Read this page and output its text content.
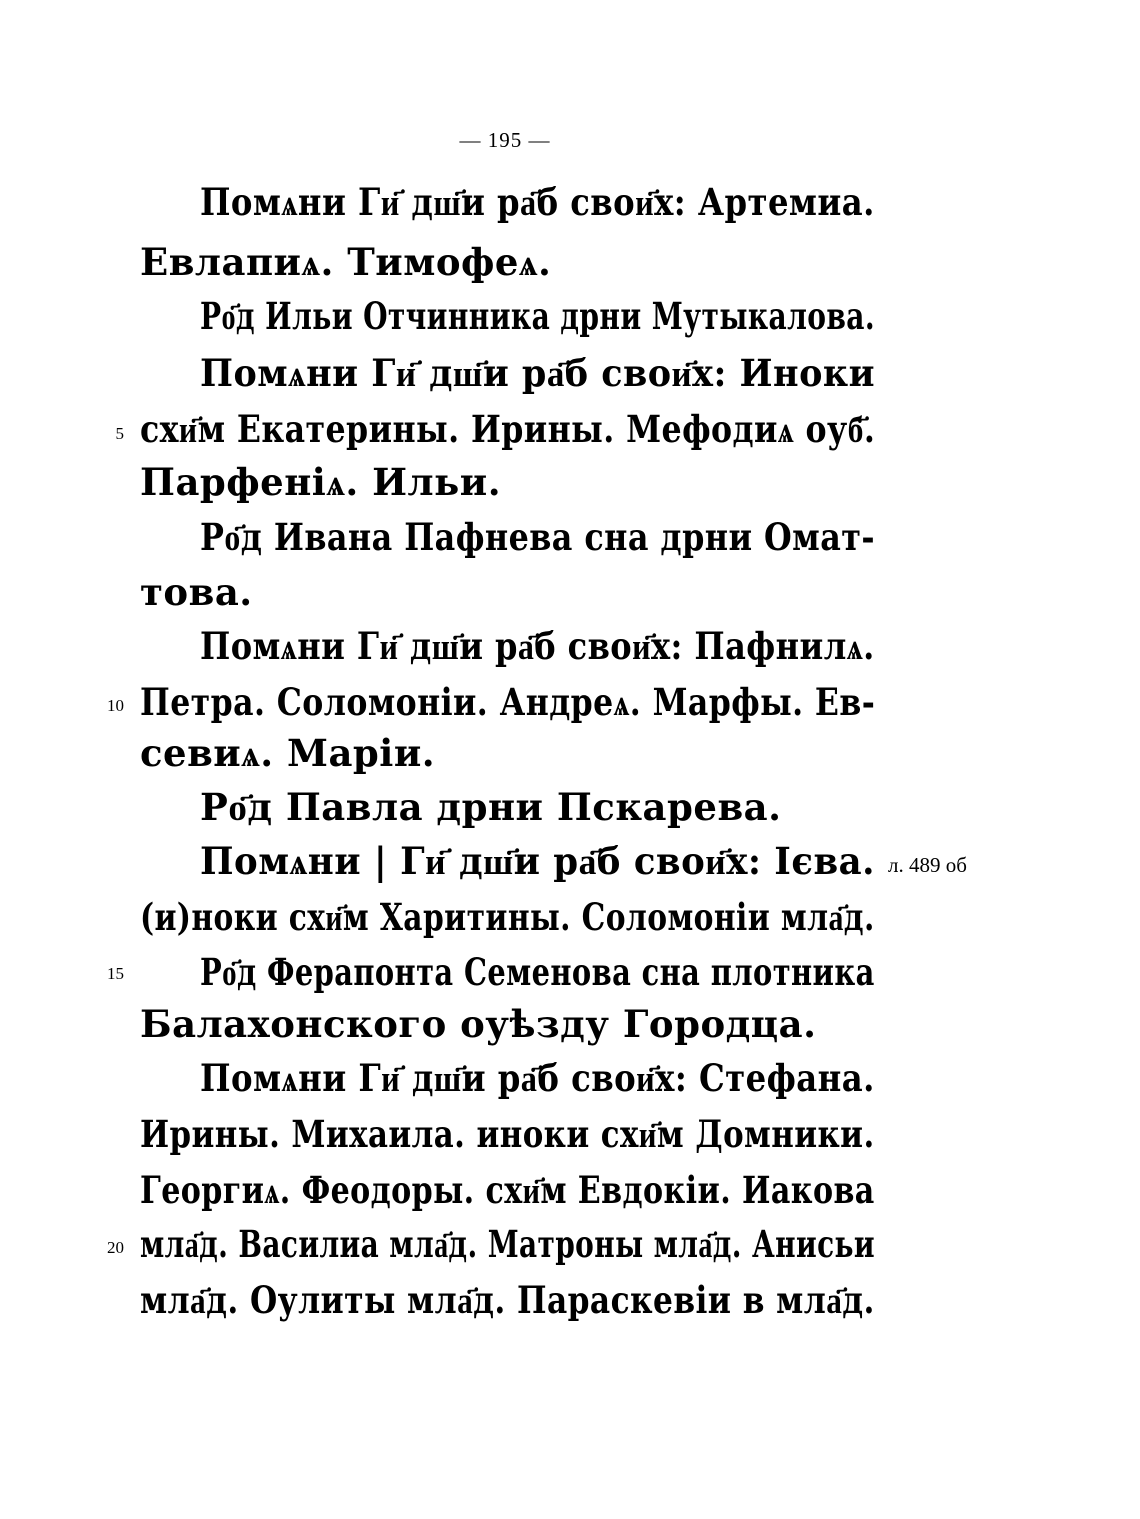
— 195 —
Помѧни Ги҃ дш҃и ра҃б свои҃х: Артемиа.
Евлапиѧ. Тимофеѧ.
Ро҃д Ильи Отчинника дрни Мутыкалова.
Помѧни Ги҃ дш҃и ра҃б свои҃х: Иноки
схи҃м Екатерины. Ирины. Мефодиѧ оуб҃.
Парфеніѧ. Ильи.
Ро҃д Ивана Пафнева сна дрни Омат-
това.
Помѧни Ги҃ дш҃и ра҃б свои҃х: Пафнилѧ.
Петра. Соломоніи. Андреѧ. Марфы. Ев-
севиѧ. Маріи.
Ро҃д Павла дрни Пскарева.
Помѧни | Ги҃ дш҃и ра҃б свои҃х: Ієва.
(и)ноки схи҃м Харитины. Соломоніи мла҃д.
Ро҃д Ферапонта Семенова сна плотника
Балахонского оуѣзду Городца.
Помѧни Ги҃ дш҃и ра҃б свои҃х: Стефана.
Ирины. Михаила. иноки схи҃м Домники.
Георгиѧ. Феодоры. схи҃м Евдокіи. Иакова
мла҃д. Василиа мла҃д. Матроны мла҃д. Анисьи
мла҃д. Оулиты мла҃д. Параскевіи в мла҃д.
5
10
15
20
л. 489 об
